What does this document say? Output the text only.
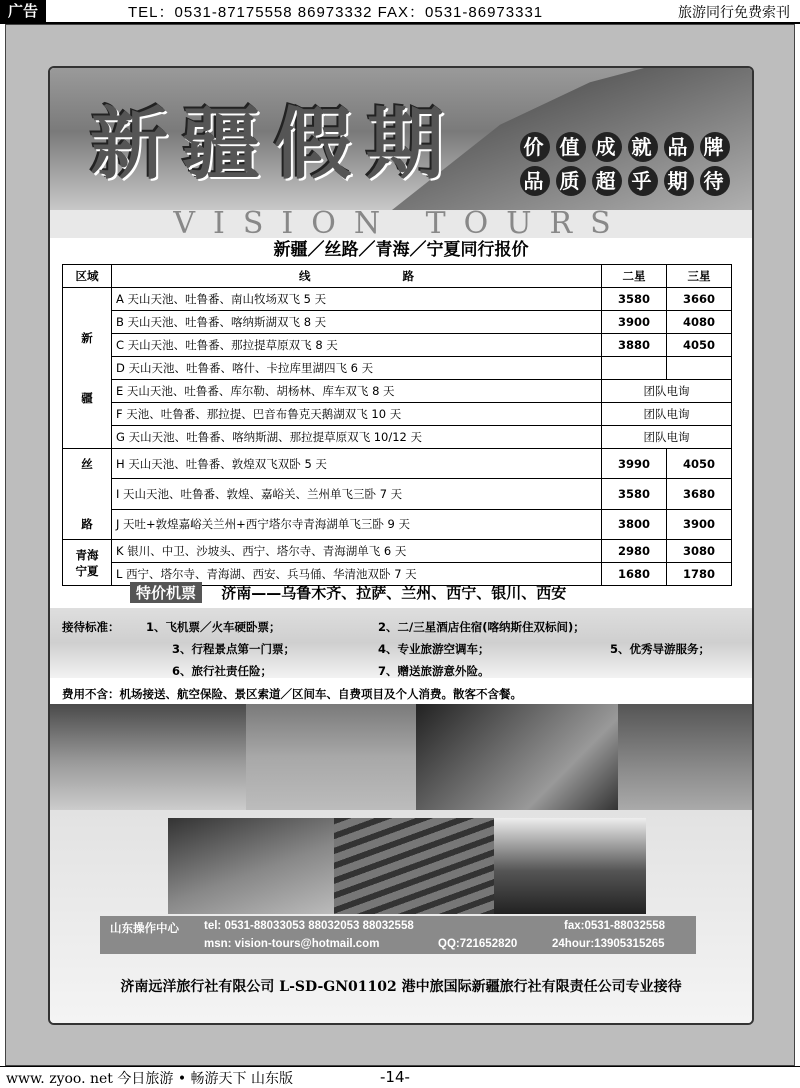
广告	TEL：0531-87175558 86973332 FAX：0531-86973331	旅游同行免费索刊
新疆假期	价 值 成 就 品 牌
品 质 超 乎 期 待
VISION TOURS
新疆／丝路／青海／宁夏同行报价
区域	线　　　　　　　　路	二星	三星
新

疆	A 天山天池、吐鲁番、南山牧场双飞 5 天	3580	3660
	B 天山天池、吐鲁番、喀纳斯湖双飞 8 天	3900	4080
	C 天山天池、吐鲁番、那拉提草原双飞 8 天	3880	4050
	D 天山天池、吐鲁番、喀什、卡拉库里湖四飞 6 天		
	E 天山天池、吐鲁番、库尔勒、胡杨林、库车双飞 8 天	团队电询	
	F 天池、吐鲁番、那拉提、巴音布鲁克天鹅湖双飞 10 天	团队电询	
	G 天山天池、吐鲁番、喀纳斯湖、那拉提草原双飞 10/12 天	团队电询	
丝

路	H 天山天池、吐鲁番、敦煌双飞双卧 5 天	3990	4050
	I 天山天池、吐鲁番、敦煌、嘉峪关、兰州单飞三卧 7 天	3580	3680
	J 天吐+敦煌嘉峪关兰州+西宁塔尔寺青海湖单飞三卧 9 天	3800	3900
青海
宁夏	K 银川、中卫、沙坡头、西宁、塔尔寺、青海湖单飞 6 天	2980	3080
	L 西宁、塔尔寺、青海湖、西安、兵马俑、华清池双卧 7 天	1680	1780
特价机票 济南——乌鲁木齐、拉萨、兰州、西宁、银川、西安
接待标准： 1、飞机票／火车硬卧票；	2、二/三星酒店住宿(喀纳斯住双标间)；
3、行程景点第一门票；	4、专业旅游空调车；	5、优秀导游服务；
6、旅行社责任险；	7、赠送旅游意外险。
费用不含：机场接送、航空保险、景区索道／区间车、自费项目及个人消费。散客不含餐。
山东操作中心 tel: 0531-88033053 88032053 88032558	fax:0531-88032558
msn: vision-tours@hotmail.com	QQ:721652820	24hour:13905315265
济南远洋旅行社有限公司 L-SD-GN01102 港中旅国际新疆旅行社有限责任公司专业接待
www. zyoo. net 今日旅游 • 畅游天下 山东版	-14-
